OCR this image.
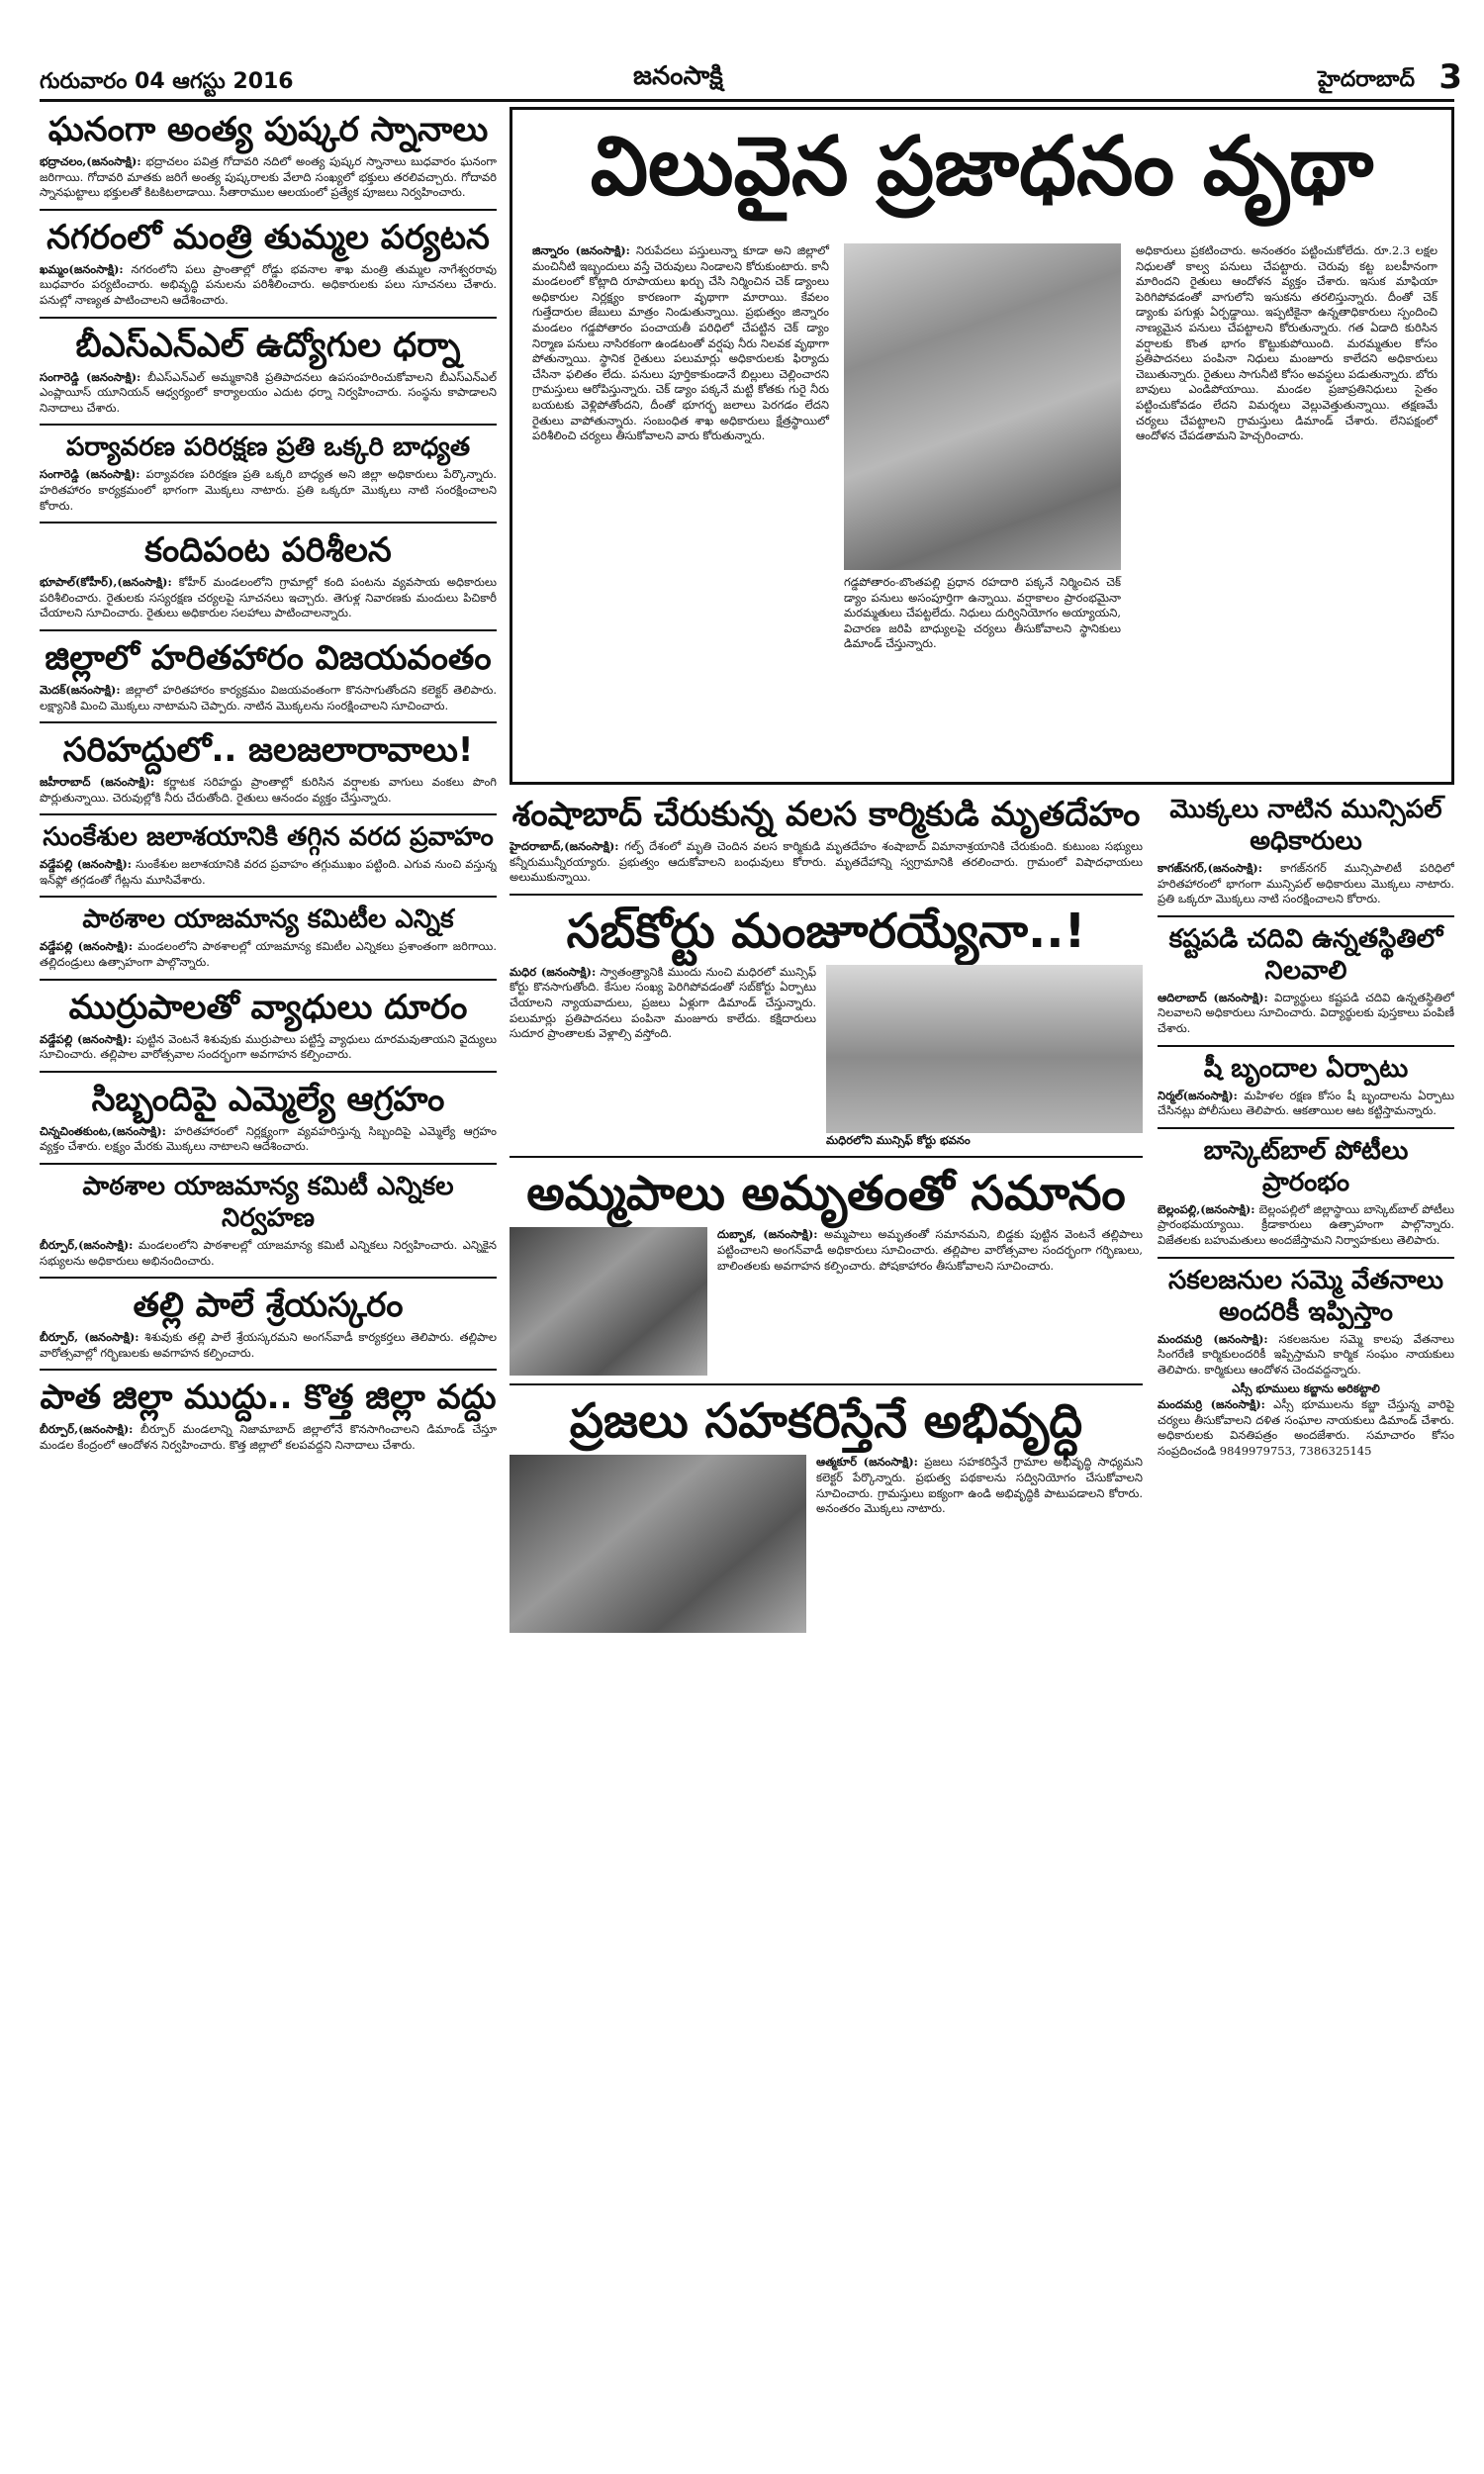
గురువారం 04 ఆగస్టు 2016	జనంసాక్షి	హైదరాబాద్ 3
ఘనంగా అంత్య పుష్కర స్నానాలు
భద్రాచలం,(జనంసాక్షి): భద్రాచలం పవిత్ర గోదావరి నదిలో అంత్య పుష్కర స్నానాలు బుధవారం ఘనంగా జరిగాయి. గోదావరి మాతకు జరిగే అంత్య పుష్కరాలకు వేలాది సంఖ్యలో భక్తులు తరలివచ్చారు. గోదావరి స్నానఘట్టాలు భక్తులతో కిటకిటలాడాయి. సీతారాముల ఆలయంలో ప్రత్యేక పూజలు నిర్వహించారు.
నగరంలో మంత్రి తుమ్మల పర్యటన
ఖమ్మం(జనంసాక్షి): నగరంలోని పలు ప్రాంతాల్లో రోడ్డు భవనాల శాఖ మంత్రి తుమ్మల నాగేశ్వరరావు బుధవారం పర్యటించారు. అభివృద్ధి పనులను పరిశీలించారు. అధికారులకు పలు సూచనలు చేశారు. పనుల్లో నాణ్యత పాటించాలని ఆదేశించారు.
బీఎస్ఎన్ఎల్ ఉద్యోగుల ధర్నా
సంగారెడ్డి (జనంసాక్షి): బీఎస్ఎన్ఎల్ అమ్మకానికి ప్రతిపాదనలు ఉపసంహరించుకోవాలని బీఎస్ఎన్ఎల్ ఎంప్లాయీస్ యూనియన్ ఆధ్వర్యంలో కార్యాలయం ఎదుట ధర్నా నిర్వహించారు. సంస్థను కాపాడాలని నినాదాలు చేశారు.
పర్యావరణ పరిరక్షణ ప్రతి ఒక్కరి బాధ్యత
సంగారెడ్డి (జనంసాక్షి): పర్యావరణ పరిరక్షణ ప్రతి ఒక్కరి బాధ్యత అని జిల్లా అధికారులు పేర్కొన్నారు. హరితహారం కార్యక్రమంలో భాగంగా మొక్కలు నాటారు. ప్రతి ఒక్కరూ మొక్కలు నాటి సంరక్షించాలని కోరారు.
కందిపంట పరిశీలన
భూపాల్(కోహీర్),(జనంసాక్షి): కోహీర్ మండలంలోని గ్రామాల్లో కంది పంటను వ్యవసాయ అధికారులు పరిశీలించారు. రైతులకు సస్యరక్షణ చర్యలపై సూచనలు ఇచ్చారు. తెగుళ్ల నివారణకు మందులు పిచికారీ చేయాలని సూచించారు. రైతులు అధికారుల సలహాలు పాటించాలన్నారు.
జిల్లాలో హరితహారం విజయవంతం
మెదక్(జనంసాక్షి): జిల్లాలో హరితహారం కార్యక్రమం విజయవంతంగా కొనసాగుతోందని కలెక్టర్ తెలిపారు. లక్ష్యానికి మించి మొక్కలు నాటామని చెప్పారు. నాటిన మొక్కలను సంరక్షించాలని సూచించారు.
సరిహద్దులో.. జలజలారావాలు!
జహీరాబాద్ (జనంసాక్షి): కర్ణాటక సరిహద్దు ప్రాంతాల్లో కురిసిన వర్షాలకు వాగులు వంకలు పొంగి పొర్లుతున్నాయి. చెరువుల్లోకి నీరు చేరుతోంది. రైతులు ఆనందం వ్యక్తం చేస్తున్నారు.
సుంకేశుల జలాశయానికి తగ్గిన వరద ప్రవాహం
వడ్డేపల్లి (జనంసాక్షి): సుంకేశుల జలాశయానికి వరద ప్రవాహం తగ్గుముఖం పట్టింది. ఎగువ నుంచి వస్తున్న ఇన్‌ఫ్లో తగ్గడంతో గేట్లను మూసివేశారు.
పాఠశాల యాజమాన్య కమిటీల ఎన్నిక
వడ్డేపల్లి (జనంసాక్షి): మండలంలోని పాఠశాలల్లో యాజమాన్య కమిటీల ఎన్నికలు ప్రశాంతంగా జరిగాయి. తల్లిదండ్రులు ఉత్సాహంగా పాల్గొన్నారు.
ముర్రుపాలతో వ్యాధులు దూరం
వడ్డేపల్లి (జనంసాక్షి): పుట్టిన వెంటనే శిశువుకు ముర్రుపాలు పట్టిస్తే వ్యాధులు దూరమవుతాయని వైద్యులు సూచించారు. తల్లిపాల వారోత్సవాల సందర్భంగా అవగాహన కల్పించారు.
సిబ్బందిపై ఎమ్మెల్యే ఆగ్రహం
చిన్నచింతకుంట,(జనంసాక్షి): హరితహారంలో నిర్లక్ష్యంగా వ్యవహరిస్తున్న సిబ్బందిపై ఎమ్మెల్యే ఆగ్రహం వ్యక్తం చేశారు. లక్ష్యం మేరకు మొక్కలు నాటాలని ఆదేశించారు.
పాఠశాల యాజమాన్య కమిటీ ఎన్నికల నిర్వహణ
బీర్పూర్,(జనంసాక్షి): మండలంలోని పాఠశాలల్లో యాజమాన్య కమిటీ ఎన్నికలు నిర్వహించారు. ఎన్నికైన సభ్యులను అధికారులు అభినందించారు.
తల్లి పాలే శ్రేయస్కరం
బీర్పూర్, (జనంసాక్షి): శిశువుకు తల్లి పాలే శ్రేయస్కరమని అంగన్‌వాడీ కార్యకర్తలు తెలిపారు. తల్లిపాల వారోత్సవాల్లో గర్భిణులకు అవగాహన కల్పించారు.
పాత జిల్లా ముద్దు.. కొత్త జిల్లా వద్దు
బీర్పూర్,(జనంసాక్షి): బీర్పూర్ మండలాన్ని నిజామాబాద్ జిల్లాలోనే కొనసాగించాలని డిమాండ్ చేస్తూ మండల కేంద్రంలో ఆందోళన నిర్వహించారు. కొత్త జిల్లాలో కలపవద్దని నినాదాలు చేశారు.
విలువైన ప్రజాధనం వృథా
జిన్నారం (జనంసాక్షి): నిరుపేదలు పస్తులున్నా కూడా అని జిల్లాలో మంచినీటి ఇబ్బందులు వస్తే చెరువులు నిండాలని కోరుకుంటారు. కానీ మండలంలో కోట్లాది రూపాయలు ఖర్చు చేసి నిర్మించిన చెక్ డ్యాంలు అధికారుల నిర్లక్ష్యం కారణంగా వృథాగా మారాయి. కేవలం గుత్తేదారుల జేబులు మాత్రం నిండుతున్నాయి. ప్రభుత్వం జిన్నారం మండలం గడ్డపోతారం పంచాయతీ పరిధిలో చేపట్టిన చెక్ డ్యాం నిర్మాణ పనులు నాసిరకంగా ఉండటంతో వర్షపు నీరు నిలవక వృథాగా పోతున్నాయి. స్థానిక రైతులు పలుమార్లు అధికారులకు ఫిర్యాదు చేసినా ఫలితం లేదు. పనులు పూర్తికాకుండానే బిల్లులు చెల్లించారని గ్రామస్తులు ఆరోపిస్తున్నారు. చెక్ డ్యాం పక్కనే మట్టి కోతకు గురై నీరు బయటకు వెళ్లిపోతోందని, దీంతో భూగర్భ జలాలు పెరగడం లేదని రైతులు వాపోతున్నారు. సంబంధిత శాఖ అధికారులు క్షేత్రస్థాయిలో పరిశీలించి చర్యలు తీసుకోవాలని వారు కోరుతున్నారు.
గడ్డపోతారం-బొంతపల్లి ప్రధాన రహదారి పక్కనే నిర్మించిన చెక్ డ్యాం పనులు అసంపూర్తిగా ఉన్నాయి. వర్షాకాలం ప్రారంభమైనా మరమ్మతులు చేపట్టలేదు. నిధులు దుర్వినియోగం అయ్యాయని, విచారణ జరిపి బాధ్యులపై చర్యలు తీసుకోవాలని స్థానికులు డిమాండ్ చేస్తున్నారు.
అధికారులు ప్రకటించారు. అనంతరం పట్టించుకోలేదు. రూ.2.3 లక్షల నిధులతో కాల్వ పనులు చేపట్టారు. చెరువు కట్ట బలహీనంగా మారిందని రైతులు ఆందోళన వ్యక్తం చేశారు. ఇసుక మాఫియా పెరిగిపోవడంతో వాగులోని ఇసుకను తరలిస్తున్నారు. దీంతో చెక్ డ్యాంకు పగుళ్లు ఏర్పడ్డాయి. ఇప్పటికైనా ఉన్నతాధికారులు స్పందించి నాణ్యమైన పనులు చేపట్టాలని కోరుతున్నారు. గత ఏడాది కురిసిన వర్షాలకు కొంత భాగం కొట్టుకుపోయింది. మరమ్మతుల కోసం ప్రతిపాదనలు పంపినా నిధులు మంజూరు కాలేదని అధికారులు చెబుతున్నారు. రైతులు సాగునీటి కోసం అవస్థలు పడుతున్నారు. బోరు బావులు ఎండిపోయాయి. మండల ప్రజాప్రతినిధులు సైతం పట్టించుకోవడం లేదని విమర్శలు వెల్లువెత్తుతున్నాయి. తక్షణమే చర్యలు చేపట్టాలని గ్రామస్తులు డిమాండ్ చేశారు. లేనిపక్షంలో ఆందోళన చేపడతామని హెచ్చరించారు.
శంషాబాద్ చేరుకున్న వలస కార్మికుడి మృతదేహం
హైదరాబాద్,(జనంసాక్షి): గల్ఫ్ దేశంలో మృతి చెందిన వలస కార్మికుడి మృతదేహం శంషాబాద్ విమానాశ్రయానికి చేరుకుంది. కుటుంబ సభ్యులు కన్నీరుమున్నీరయ్యారు. ప్రభుత్వం ఆదుకోవాలని బంధువులు కోరారు. మృతదేహాన్ని స్వగ్రామానికి తరలించారు. గ్రామంలో విషాదఛాయలు అలుముకున్నాయి.
సబ్‌కోర్టు మంజూరయ్యేనా..!
మధిర (జనంసాక్షి): స్వాతంత్ర్యానికి ముందు నుంచి మధిరలో మున్సిఫ్ కోర్టు కొనసాగుతోంది. కేసుల సంఖ్య పెరిగిపోవడంతో సబ్‌కోర్టు ఏర్పాటు చేయాలని న్యాయవాదులు, ప్రజలు ఏళ్లుగా డిమాండ్ చేస్తున్నారు. పలుమార్లు ప్రతిపాదనలు పంపినా మంజూరు కాలేదు. కక్షిదారులు సుదూర ప్రాంతాలకు వెళ్లాల్సి వస్తోంది.
మధిరలోని మున్సిఫ్ కోర్టు భవనం
అమ్మపాలు అమృతంతో సమానం
దుబ్బాక, (జనంసాక్షి): అమ్మపాలు అమృతంతో సమానమని, బిడ్డకు పుట్టిన వెంటనే తల్లిపాలు పట్టించాలని అంగన్‌వాడీ అధికారులు సూచించారు. తల్లిపాల వారోత్సవాల సందర్భంగా గర్భిణులు, బాలింతలకు అవగాహన కల్పించారు. పోషకాహారం తీసుకోవాలని సూచించారు.
ప్రజలు సహకరిస్తేనే అభివృద్ధి
ఆత్మకూర్ (జనంసాక్షి): ప్రజలు సహకరిస్తేనే గ్రామాల అభివృద్ధి సాధ్యమని కలెక్టర్ పేర్కొన్నారు. ప్రభుత్వ పథకాలను సద్వినియోగం చేసుకోవాలని సూచించారు. గ్రామస్తులు ఐక్యంగా ఉండి అభివృద్ధికి పాటుపడాలని కోరారు. అనంతరం మొక్కలు నాటారు.
మొక్కలు నాటిన మున్సిపల్ అధికారులు
కాగజ్‌నగర్,(జనంసాక్షి): కాగజ్‌నగర్ మున్సిపాలిటీ పరిధిలో హరితహారంలో భాగంగా మున్సిపల్ అధికారులు మొక్కలు నాటారు. ప్రతి ఒక్కరూ మొక్కలు నాటి సంరక్షించాలని కోరారు.
కష్టపడి చదివి ఉన్నతస్థితిలో నిలవాలి
ఆదిలాబాద్ (జనంసాక్షి): విద్యార్థులు కష్టపడి చదివి ఉన్నతస్థితిలో నిలవాలని అధికారులు సూచించారు. విద్యార్థులకు పుస్తకాలు పంపిణీ చేశారు.
షీ బృందాల ఏర్పాటు
నిర్మల్(జనంసాక్షి): మహిళల రక్షణ కోసం షీ బృందాలను ఏర్పాటు చేసినట్లు పోలీసులు తెలిపారు. ఆకతాయిల ఆట కట్టిస్తామన్నారు.
బాస్కెట్‌బాల్ పోటీలు ప్రారంభం
బెల్లంపల్లి,(జనంసాక్షి): బెల్లంపల్లిలో జిల్లాస్థాయి బాస్కెట్‌బాల్ పోటీలు ప్రారంభమయ్యాయి. క్రీడాకారులు ఉత్సాహంగా పాల్గొన్నారు. విజేతలకు బహుమతులు అందజేస్తామని నిర్వాహకులు తెలిపారు.
సకలజనుల సమ్మె వేతనాలు అందరికీ ఇప్పిస్తాం
మందమర్రి (జనంసాక్షి): సకలజనుల సమ్మె కాలపు వేతనాలు సింగరేణి కార్మికులందరికీ ఇప్పిస్తామని కార్మిక సంఘం నాయకులు తెలిపారు. కార్మికులు ఆందోళన చెందవద్దన్నారు.
ఎస్సీ భూములు కబ్జాను అరికట్టాలి
మందమర్రి (జనంసాక్షి): ఎస్సీ భూములను కబ్జా చేస్తున్న వారిపై చర్యలు తీసుకోవాలని దళిత సంఘాల నాయకులు డిమాండ్ చేశారు. అధికారులకు వినతిపత్రం అందజేశారు. సమాచారం కోసం సంప్రదించండి 9849979753, 7386325145
